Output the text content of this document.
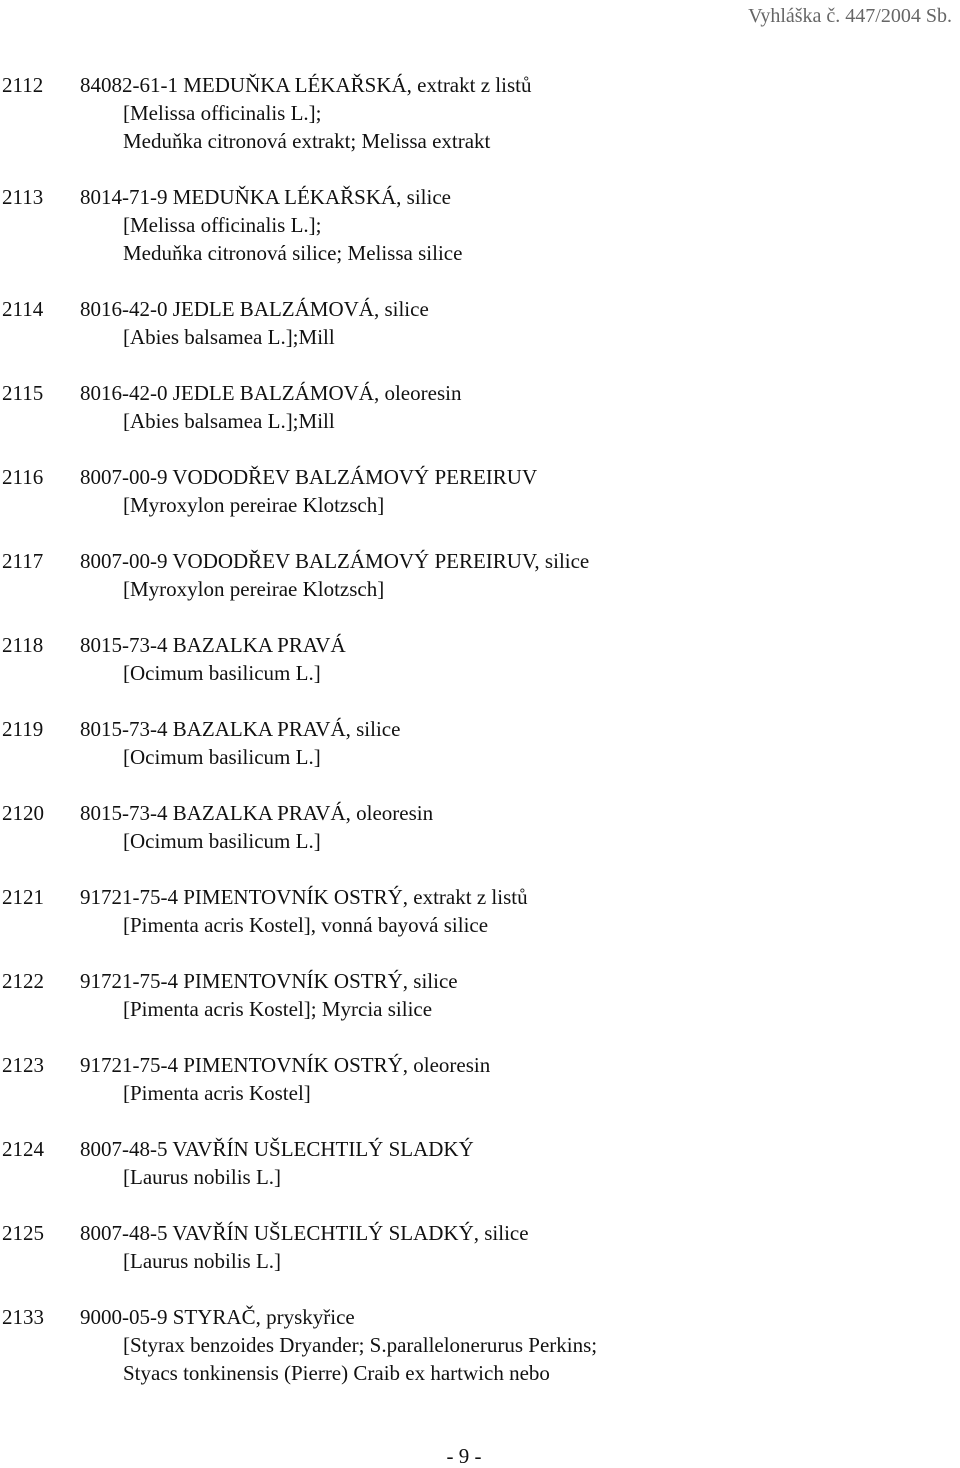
Vyhláška č. 447/2004 Sb.
2112	84082-61-1 MEDUŇKA LÉKAŘSKÁ, extrakt z listů
[Melissa officinalis L.];
Meduňka citronová extrakt; Melissa extrakt
2113	8014-71-9 MEDUŇKA LÉKAŘSKÁ, silice
[Melissa officinalis L.];
Meduňka citronová silice; Melissa silice
2114	8016-42-0 JEDLE BALZÁMOVÁ, silice
[Abies balsamea L.];Mill
2115	8016-42-0 JEDLE BALZÁMOVÁ, oleoresin
[Abies balsamea L.];Mill
2116	8007-00-9 VODODŘEV BALZÁMOVÝ PEREIRUV
[Myroxylon pereirae Klotzsch]
2117	8007-00-9 VODODŘEV BALZÁMOVÝ PEREIRUV, silice
[Myroxylon pereirae Klotzsch]
2118	8015-73-4 BAZALKA PRAVÁ
[Ocimum basilicum L.]
2119	8015-73-4 BAZALKA PRAVÁ, silice
[Ocimum basilicum L.]
2120	8015-73-4 BAZALKA PRAVÁ, oleoresin
[Ocimum basilicum L.]
2121	91721-75-4 PIMENTOVNÍK OSTRÝ, extrakt z listů
[Pimenta acris Kostel], vonná bayová silice
2122	91721-75-4 PIMENTOVNÍK OSTRÝ, silice
[Pimenta acris Kostel]; Myrcia silice
2123	91721-75-4 PIMENTOVNÍK OSTRÝ, oleoresin
[Pimenta acris Kostel]
2124	8007-48-5 VAVŘÍN UŠLECHTILÝ SLADKÝ
[Laurus nobilis L.]
2125	8007-48-5 VAVŘÍN UŠLECHTILÝ SLADKÝ, silice
[Laurus nobilis L.]
2133	9000-05-9 STYRAČ, pryskyřice
[Styrax benzoides Dryander; S.parallelonerurus Perkins;
Styacs tonkinensis (Pierre) Craib ex hartwich nebo
- 9 -
